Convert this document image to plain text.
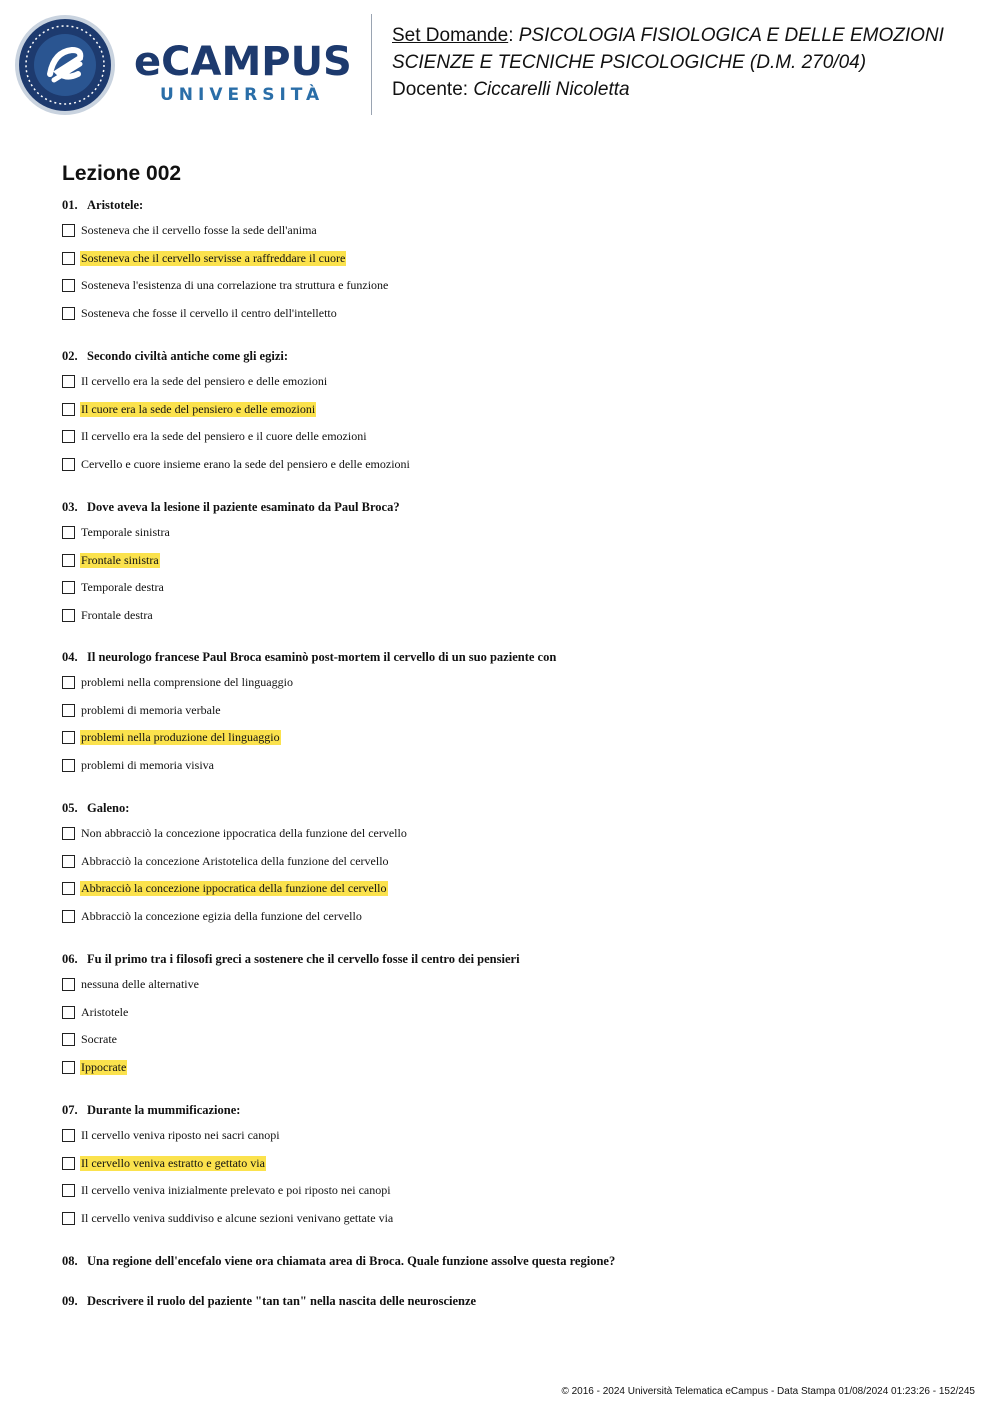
eCAMPUS
UNIVERSITÀ
Set Domande: PSICOLOGIA FISIOLOGICA E DELLE EMOZIONI
SCIENZE E TECNICHE PSICOLOGICHE (D.M. 270/04)
Docente: Ciccarelli Nicoletta
Lezione 002
01. Aristotele:
Sosteneva che il cervello fosse la sede dell'anima
Sosteneva che il cervello servisse a raffreddare il cuore
Sosteneva l'esistenza di una correlazione tra struttura e funzione
Sosteneva che fosse il cervello il centro dell'intelletto
02. Secondo civiltà antiche come gli egizi:
Il cervello era la sede del pensiero e delle emozioni
Il cuore era la sede del pensiero e delle emozioni
Il cervello era la sede del pensiero e il cuore delle emozioni
Cervello e cuore insieme erano la sede del pensiero e delle emozioni
03. Dove aveva la lesione il paziente esaminato da Paul Broca?
Temporale sinistra
Frontale sinistra
Temporale destra
Frontale destra
04. Il neurologo francese Paul Broca esaminò post-mortem il cervello di un suo paziente con
problemi nella comprensione del linguaggio
problemi di memoria verbale
problemi nella produzione del linguaggio
problemi di memoria visiva
05. Galeno:
Non abbracciò la concezione ippocratica della funzione del cervello
Abbracciò la concezione Aristotelica della funzione del cervello
Abbracciò la concezione ippocratica della funzione del cervello
Abbracciò la concezione egizia della funzione del cervello
06. Fu il primo tra i filosofi greci a sostenere che il cervello fosse il centro dei pensieri
nessuna delle alternative
Aristotele
Socrate
Ippocrate
07. Durante la mummificazione:
Il cervello veniva riposto nei sacri canopi
Il cervello veniva estratto e gettato via
Il cervello veniva inizialmente prelevato e poi riposto nei canopi
Il cervello veniva suddiviso e alcune sezioni venivano gettate via
08. Una regione dell'encefalo viene ora chiamata area di Broca. Quale funzione assolve questa regione?
09. Descrivere il ruolo del paziente "tan tan" nella nascita delle neuroscienze
© 2016 - 2024 Università Telematica eCampus - Data Stampa 01/08/2024 01:23:26 - 152/245
